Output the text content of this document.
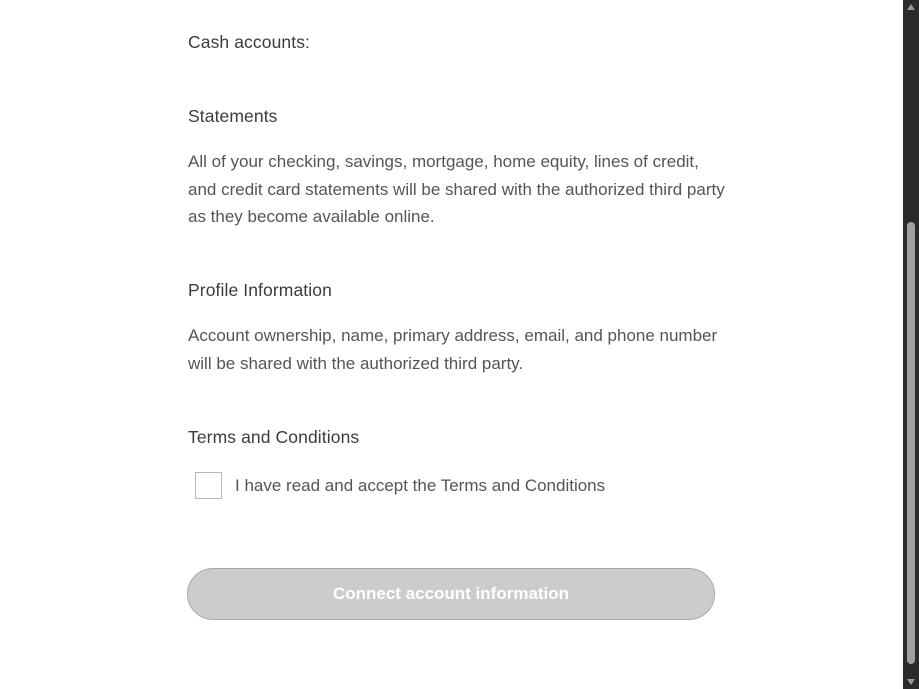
Cash accounts:
Statements

All of your checking, savings, mortgage, home equity, lines of credit, and credit card statements will be shared with the authorized third party as they become available online.

Profile Information

Account ownership, name, primary address, email, and phone number will be shared with the authorized third party.

Terms and Conditions
I have read and accept the Terms and Conditions
Connect account information
